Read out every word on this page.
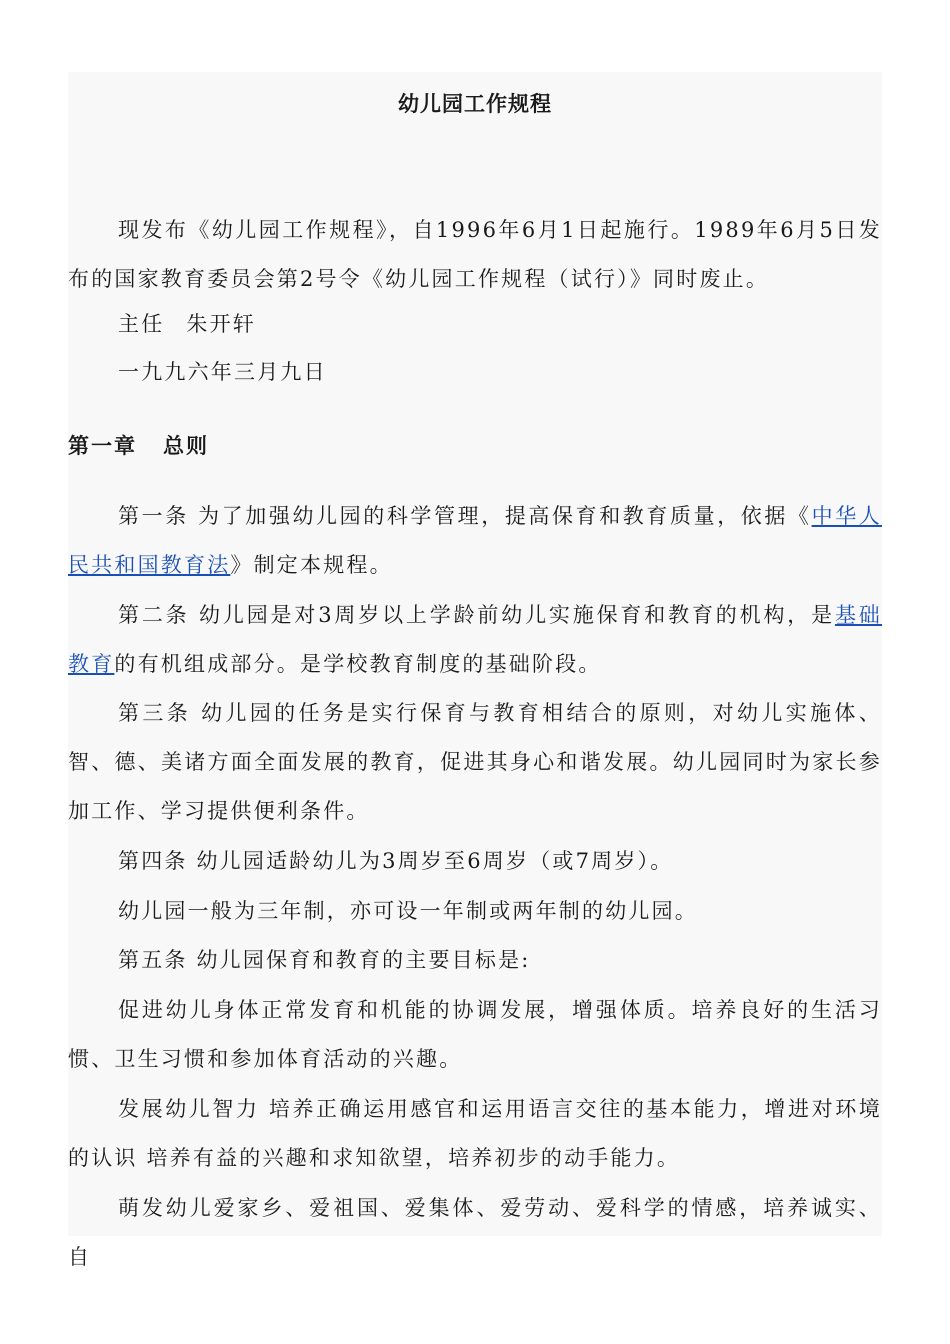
幼儿园工作规程

现发布《幼儿园工作规程》，自1996年6月1日起施行。1989年6月5日发布的国家教育委员会第2号令《幼儿园工作规程（试行）》同时废止。

主任 朱开轩

一九九六年三月九日

第一章 总则

第一条 为了加强幼儿园的科学管理，提高保育和教育质量，依据《中华人民共和国教育法》制定本规程。

第二条 幼儿园是对3周岁以上学龄前幼儿实施保育和教育的机构，是基础教育的有机组成部分。是学校教育制度的基础阶段。

第三条 幼儿园的任务是实行保育与教育相结合的原则，对幼儿实施体、智、德、美诸方面全面发展的教育，促进其身心和谐发展。幼儿园同时为家长参加工作、学习提供便利条件。

第四条 幼儿园适龄幼儿为3周岁至6周岁（或7周岁）。

幼儿园一般为三年制，亦可设一年制或两年制的幼儿园。

第五条 幼儿园保育和教育的主要目标是:

促进幼儿身体正常发育和机能的协调发展，增强体质。培养良好的生活习惯、卫生习惯和参加体育活动的兴趣。

发展幼儿智力 培养正确运用感官和运用语言交往的基本能力，增进对环境的认识 培养有益的兴趣和求知欲望，培养初步的动手能力。

萌发幼儿爱家乡、爱祖国、爱集体、爱劳动、爱科学的情感，培养诚实、自
